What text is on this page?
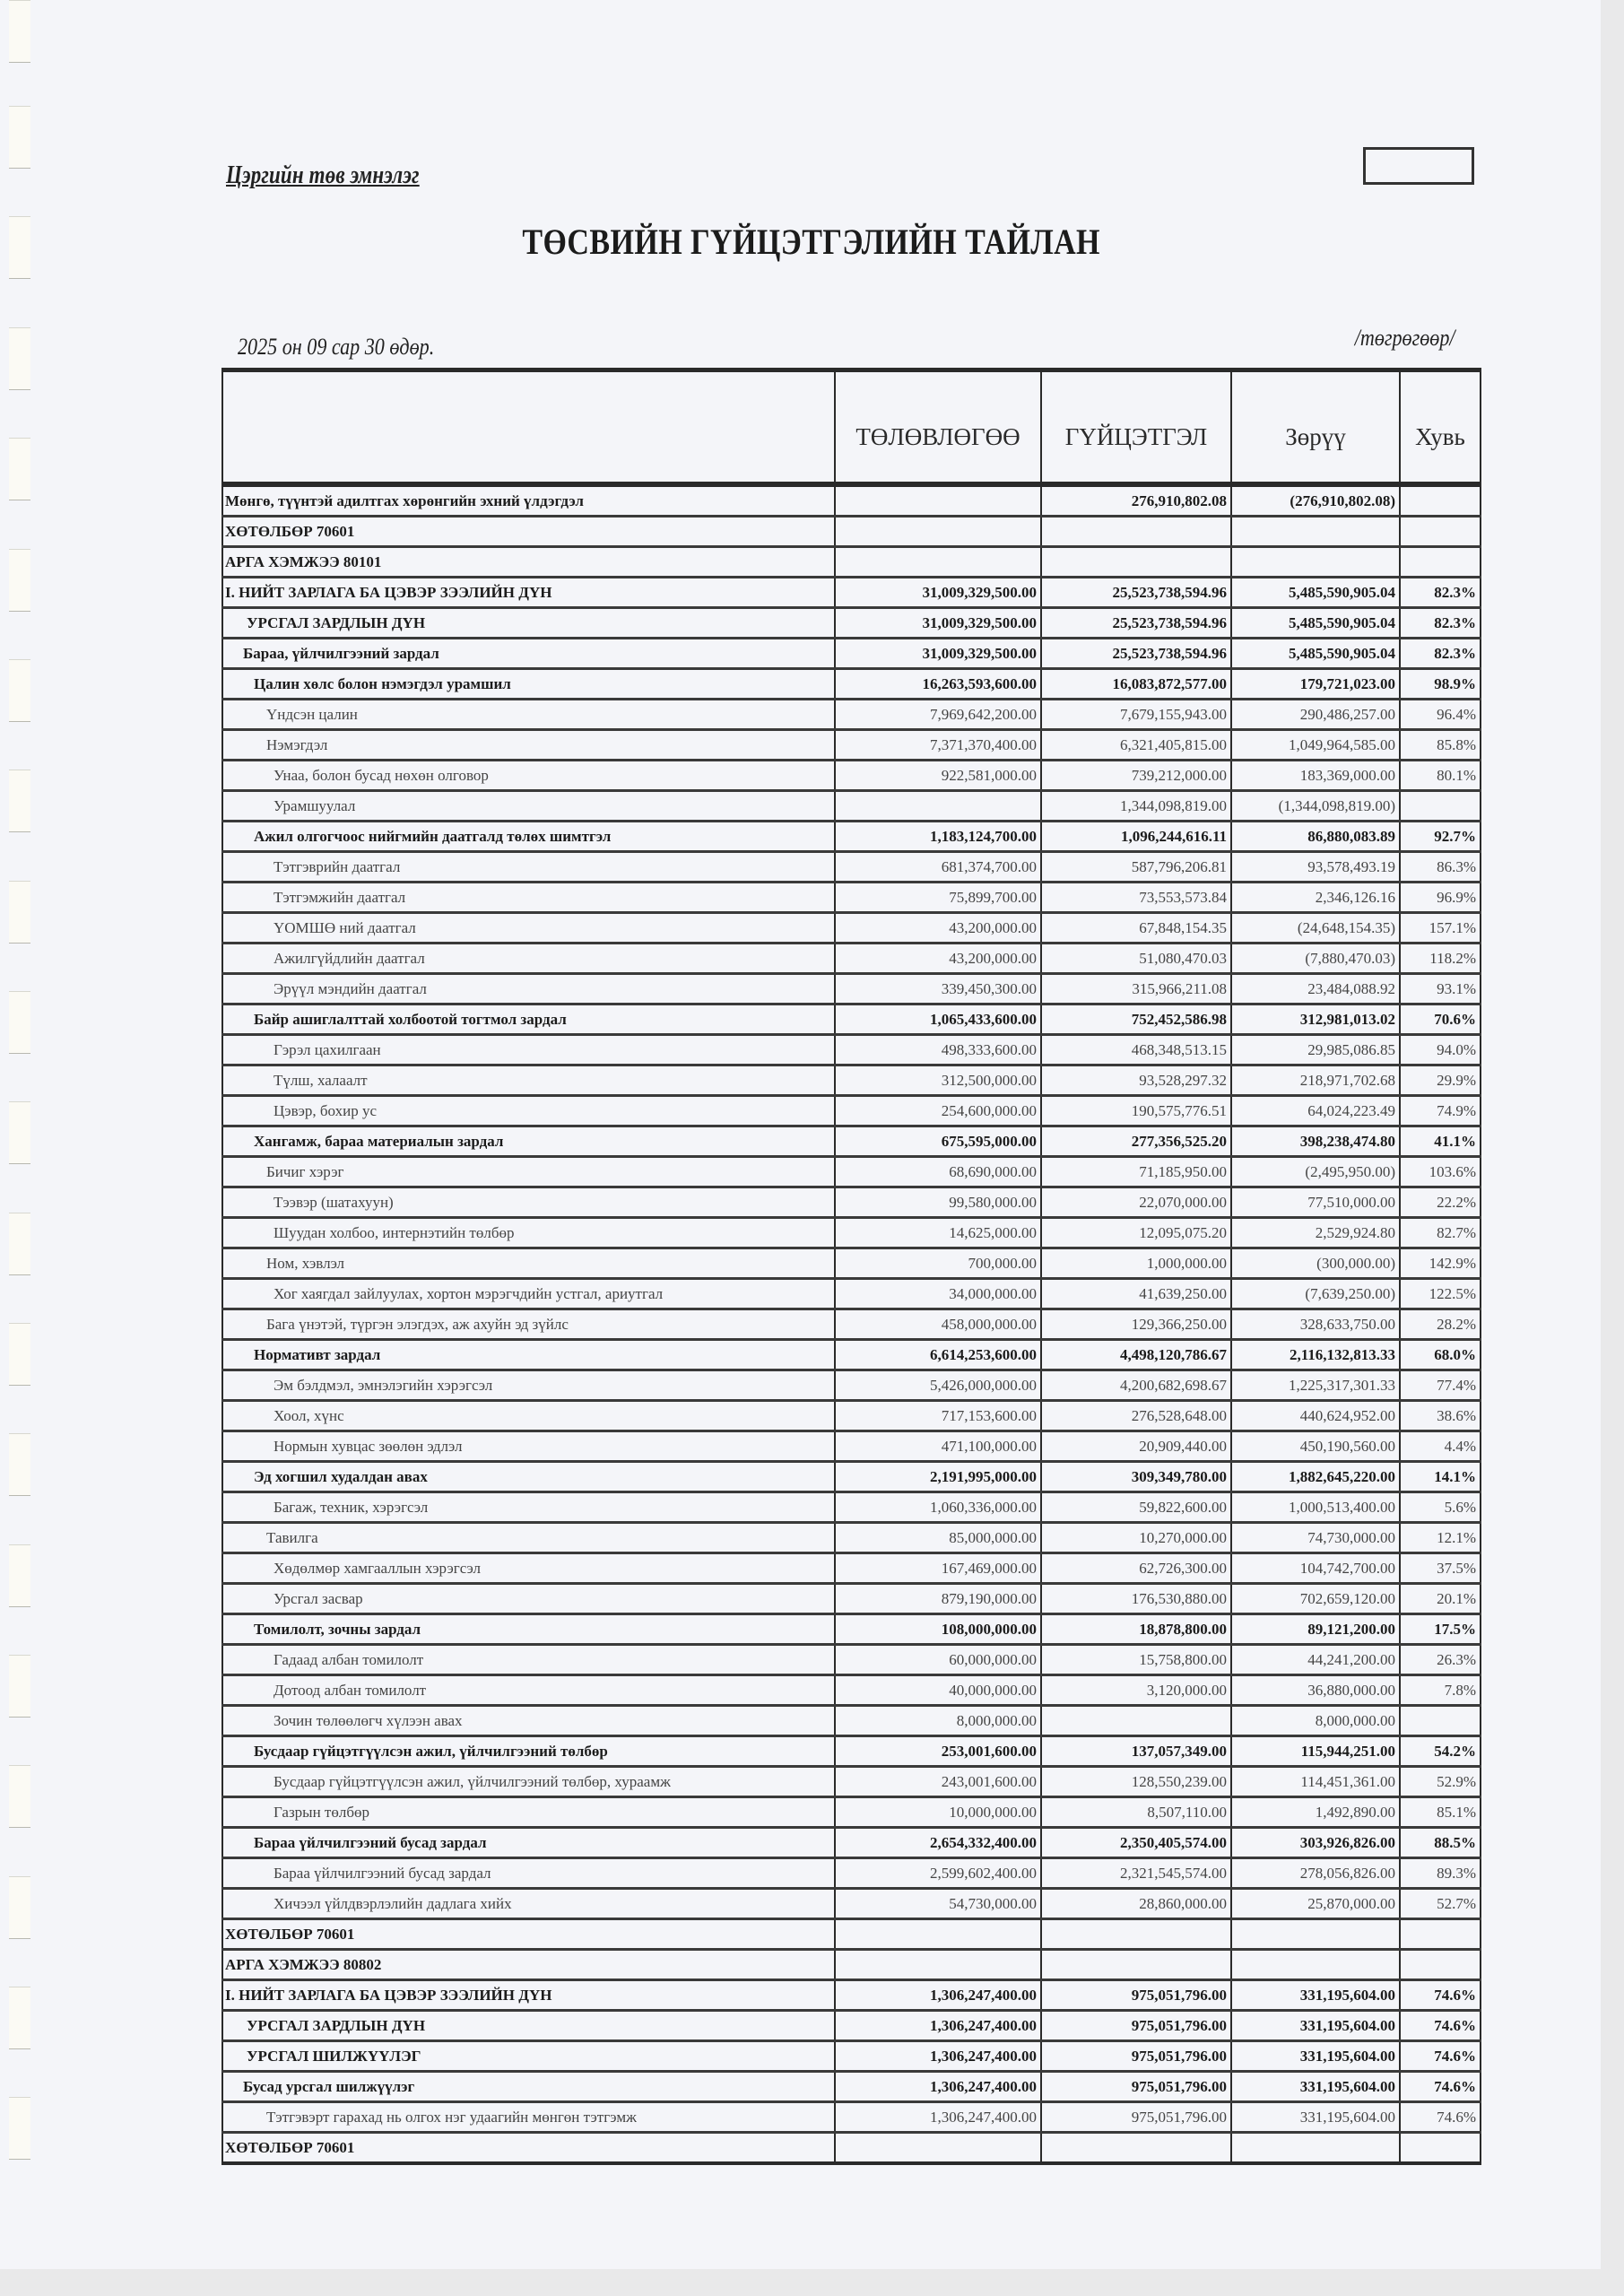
Цэргийн төв эмнэлэг
ТӨСВИЙН ГҮЙЦЭТГЭЛИЙН ТАЙЛАН
2025 он 09 сар 30 өдөр.	/төгрөгөөр/
	ТӨЛӨВЛӨГӨӨ	ГҮЙЦЭТГЭЛ	Зөрүү	Хувь
Мөнгө, түүнтэй адилтгах хөрөнгийн эхний үлдэгдэл		276,910,802.08	(276,910,802.08)	
ХӨТӨЛБӨР 70601				
АРГА ХЭМЖЭЭ 80101				
I. НИЙТ ЗАРЛАГА БА ЦЭВЭР ЗЭЭЛИЙН ДҮН	31,009,329,500.00	25,523,738,594.96	5,485,590,905.04	82.3%
УРСГАЛ ЗАРДЛЫН ДҮН	31,009,329,500.00	25,523,738,594.96	5,485,590,905.04	82.3%
Бараа, үйлчилгээний зардал	31,009,329,500.00	25,523,738,594.96	5,485,590,905.04	82.3%
Цалин хөлс болон нэмэгдэл урамшил	16,263,593,600.00	16,083,872,577.00	179,721,023.00	98.9%
Үндсэн цалин	7,969,642,200.00	7,679,155,943.00	290,486,257.00	96.4%
Нэмэгдэл	7,371,370,400.00	6,321,405,815.00	1,049,964,585.00	85.8%
Унаа, болон бусад нөхөн олговор	922,581,000.00	739,212,000.00	183,369,000.00	80.1%
Урамшуулал		1,344,098,819.00	(1,344,098,819.00)	
Ажил олгогчоос нийгмийн даатгалд төлөх шимтгэл	1,183,124,700.00	1,096,244,616.11	86,880,083.89	92.7%
Тэтгэврийн даатгал	681,374,700.00	587,796,206.81	93,578,493.19	86.3%
Тэтгэмжийн даатгал	75,899,700.00	73,553,573.84	2,346,126.16	96.9%
ҮОМШӨ ний даатгал	43,200,000.00	67,848,154.35	(24,648,154.35)	157.1%
Ажилгүйдлийн даатгал	43,200,000.00	51,080,470.03	(7,880,470.03)	118.2%
Эрүүл мэндийн даатгал	339,450,300.00	315,966,211.08	23,484,088.92	93.1%
Байр ашиглалттай холбоотой тогтмол зардал	1,065,433,600.00	752,452,586.98	312,981,013.02	70.6%
Гэрэл цахилгаан	498,333,600.00	468,348,513.15	29,985,086.85	94.0%
Түлш, халаалт	312,500,000.00	93,528,297.32	218,971,702.68	29.9%
Цэвэр, бохир ус	254,600,000.00	190,575,776.51	64,024,223.49	74.9%
Хангамж, бараа материалын зардал	675,595,000.00	277,356,525.20	398,238,474.80	41.1%
Бичиг хэрэг	68,690,000.00	71,185,950.00	(2,495,950.00)	103.6%
Тээвэр (шатахуун)	99,580,000.00	22,070,000.00	77,510,000.00	22.2%
Шуудан холбоо, интернэтийн төлбөр	14,625,000.00	12,095,075.20	2,529,924.80	82.7%
Ном, хэвлэл	700,000.00	1,000,000.00	(300,000.00)	142.9%
Хог хаягдал зайлуулах, хортон мэрэгчдийн устгал, ариутгал	34,000,000.00	41,639,250.00	(7,639,250.00)	122.5%
Бага үнэтэй, түргэн элэгдэх, аж ахуйн эд зүйлс	458,000,000.00	129,366,250.00	328,633,750.00	28.2%
Нормативт зардал	6,614,253,600.00	4,498,120,786.67	2,116,132,813.33	68.0%
Эм бэлдмэл, эмнэлэгийн хэрэгсэл	5,426,000,000.00	4,200,682,698.67	1,225,317,301.33	77.4%
Хоол, хүнс	717,153,600.00	276,528,648.00	440,624,952.00	38.6%
Нормын хувцас зөөлөн эдлэл	471,100,000.00	20,909,440.00	450,190,560.00	4.4%
Эд хогшил худалдан авах	2,191,995,000.00	309,349,780.00	1,882,645,220.00	14.1%
Багаж, техник, хэрэгсэл	1,060,336,000.00	59,822,600.00	1,000,513,400.00	5.6%
Тавилга	85,000,000.00	10,270,000.00	74,730,000.00	12.1%
Хөдөлмөр хамгааллын хэрэгсэл	167,469,000.00	62,726,300.00	104,742,700.00	37.5%
Урсгал засвар	879,190,000.00	176,530,880.00	702,659,120.00	20.1%
Томилолт, зочны зардал	108,000,000.00	18,878,800.00	89,121,200.00	17.5%
Гадаад албан томилолт	60,000,000.00	15,758,800.00	44,241,200.00	26.3%
Дотоод албан томилолт	40,000,000.00	3,120,000.00	36,880,000.00	7.8%
Зочин төлөөлөгч хүлээн авах	8,000,000.00		8,000,000.00	
Бусдаар гүйцэтгүүлсэн ажил, үйлчилгээний төлбөр	253,001,600.00	137,057,349.00	115,944,251.00	54.2%
Бусдаар гүйцэтгүүлсэн ажил, үйлчилгээний төлбөр, хураамж	243,001,600.00	128,550,239.00	114,451,361.00	52.9%
Газрын төлбөр	10,000,000.00	8,507,110.00	1,492,890.00	85.1%
Бараа үйлчилгээний бусад зардал	2,654,332,400.00	2,350,405,574.00	303,926,826.00	88.5%
Бараа үйлчилгээний бусад зардал	2,599,602,400.00	2,321,545,574.00	278,056,826.00	89.3%
Хичээл үйлдвэрлэлийн дадлага хийх	54,730,000.00	28,860,000.00	25,870,000.00	52.7%
ХӨТӨЛБӨР 70601				
АРГА ХЭМЖЭЭ 80802				
I. НИЙТ ЗАРЛАГА БА ЦЭВЭР ЗЭЭЛИЙН ДҮН	1,306,247,400.00	975,051,796.00	331,195,604.00	74.6%
УРСГАЛ ЗАРДЛЫН ДҮН	1,306,247,400.00	975,051,796.00	331,195,604.00	74.6%
УРСГАЛ ШИЛЖҮҮЛЭГ	1,306,247,400.00	975,051,796.00	331,195,604.00	74.6%
Бусад урсгал шилжүүлэг	1,306,247,400.00	975,051,796.00	331,195,604.00	74.6%
Тэтгэвэрт гарахад нь олгох нэг удаагийн мөнгөн тэтгэмж	1,306,247,400.00	975,051,796.00	331,195,604.00	74.6%
ХӨТӨЛБӨР 70601				
